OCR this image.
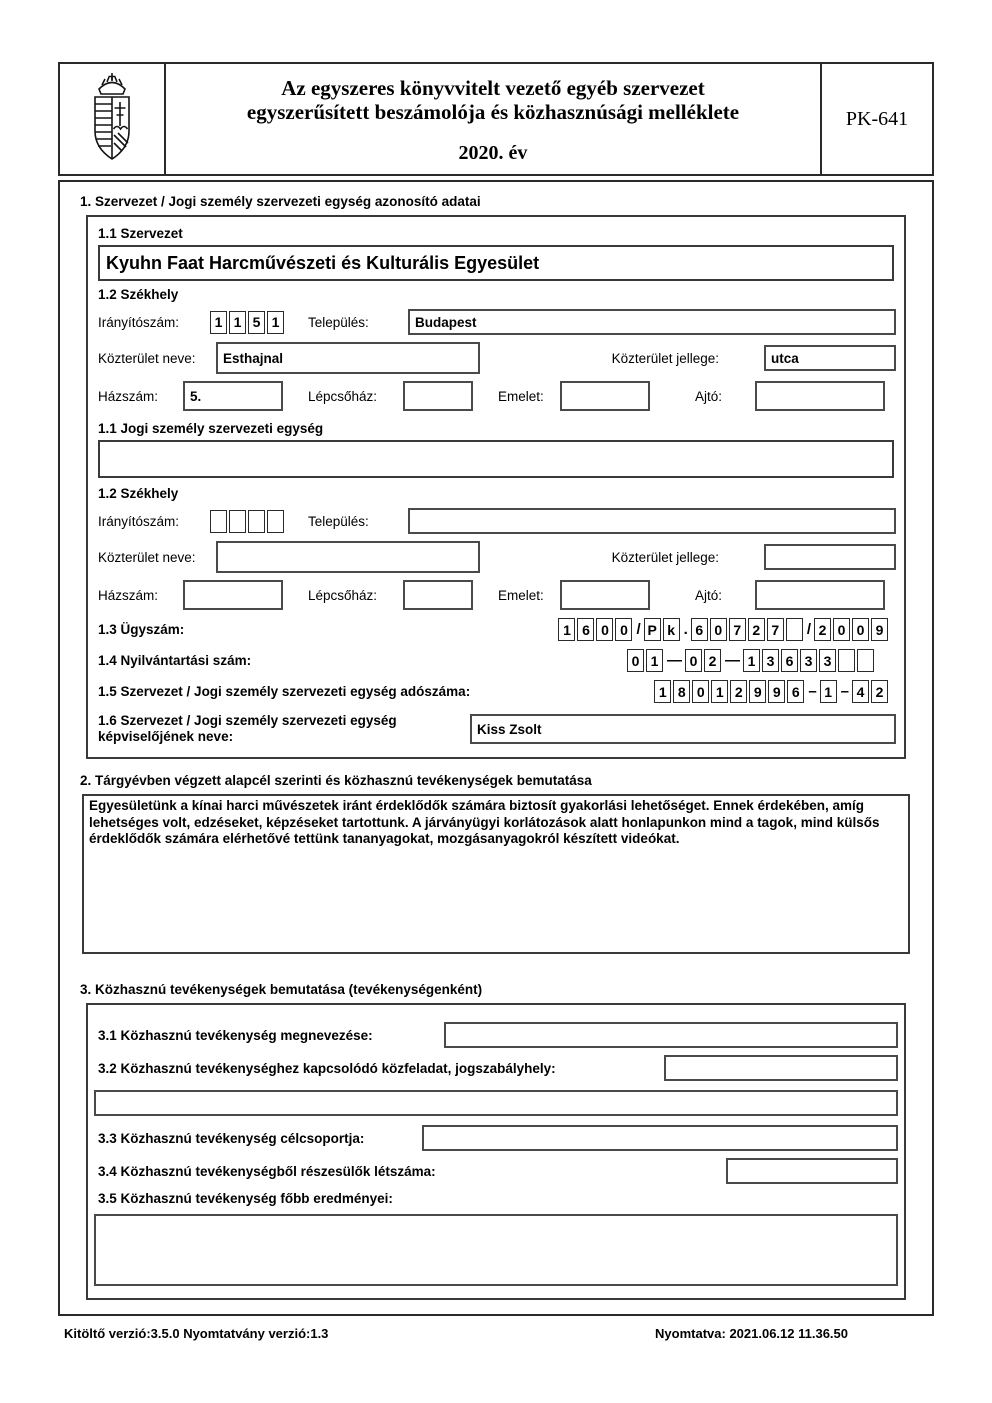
Az egyszeres könyvvitelt vezető egyéb szervezet
egyszerűsített beszámolója és közhasznúsági melléklete
2020. év
PK-641
1. Szervezet / Jogi személy szervezeti egység azonosító adatai
1.1 Szervezet
Kyuhn Faat Harcművészeti és Kulturális Egyesület
1.2 Székhely
Irányítószám:	1 1 5 1	Település:	Budapest
Közterület neve:	Esthajnal	Közterület jellege:	utca
Házszám:	5.	Lépcsőház:	Emelet:	Ajtó:
1.1 Jogi személy szervezeti egység
1.2 Székhely
Irányítószám:	Település:
Közterület neve:	Közterület jellege:
Házszám:	Lépcsőház:	Emelet:	Ajtó:
1.3 Ügyszám:	1 6 0 0 / P k . 6 0 7 2 7	/ 2 0 0 9
1.4 Nyilvántartási szám:	0 1 — 0 2 — 1 3 6 3 3
1.5 Szervezet / Jogi személy szervezeti egység adószáma:	1 8 0 1 2 9 9 6 – 1 – 4 2
1.6 Szervezet / Jogi személy szervezeti egység képviselőjének neve:	Kiss Zsolt
2. Tárgyévben végzett alapcél szerinti és közhasznú tevékenységek bemutatása
Egyesületünk a kínai harci művészetek iránt érdeklődők számára biztosít gyakorlási lehetőséget. Ennek érdekében, amíg lehetséges volt, edzéseket, képzéseket tartottunk. A járványügyi korlátozások alatt honlapunkon mind a tagok, mind külsős érdeklődők számára elérhetővé tettünk tananyagokat, mozgásanyagokról készített videókat.
3. Közhasznú tevékenységek bemutatása (tevékenységenként)
3.1 Közhasznú tevékenység megnevezése:
3.2 Közhasznú tevékenységhez kapcsolódó közfeladat, jogszabályhely:
3.3 Közhasznú tevékenység célcsoportja:
3.4 Közhasznú tevékenységből részesülők létszáma:
3.5 Közhasznú tevékenység főbb eredményei:
Kitöltő verzió:3.5.0 Nyomtatvány verzió:1.3	Nyomtatva: 2021.06.12 11.36.50
